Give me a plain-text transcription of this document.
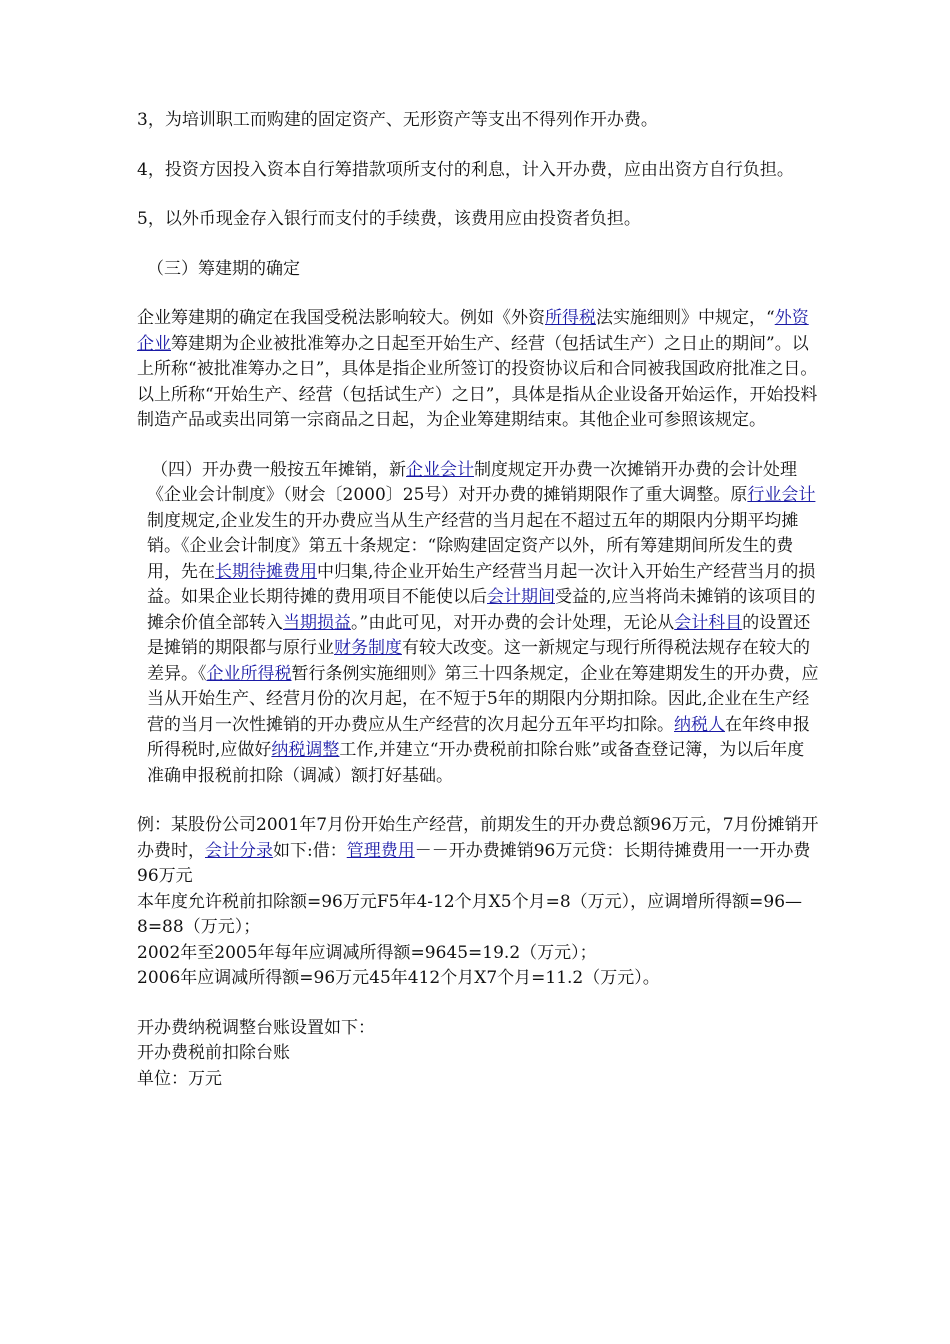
3，为培训职工而购建的固定资产、无形资产等支出不得列作开办费。

4，投资方因投入资本自行筹措款项所支付的利息，计入开办费，应由出资方自行负担。

5，以外币现金存入银行而支付的手续费，该费用应由投资者负担。

（三）筹建期的确定

企业筹建期的确定在我国受税法影响较大。例如《外资所得税法实施细则》中规定，“外资企业筹建期为企业被批准筹办之日起至开始生产、经营（包括试生产）之日止的期间”。以上所称“被批准筹办之日”，具体是指企业所签订的投资协议后和合同被我国政府批准之日。以上所称“开始生产、经营（包括试生产）之日”，具体是指从企业设备开始运作，开始投料制造产品或卖出同第一宗商品之日起，为企业筹建期结束。其他企业可参照该规定。

（四）开办费一般按五年摊销，新企业会计制度规定开办费一次摊销开办费的会计处理

《企业会计制度》（财会〔2000〕25号）对开办费的摊销期限作了重大调整。原行业会计制度规定,企业发生的开办费应当从生产经营的当月起在不超过五年的期限内分期平均摊销。《企业会计制度》第五十条规定：“除购建固定资产以外，所有筹建期间所发生的费用，先在长期待摊费用中归集,待企业开始生产经营当月起一次计入开始生产经营当月的损益。如果企业长期待摊的费用项目不能使以后会计期间受益的,应当将尚未摊销的该项目的摊余价值全部转入当期损益。”由此可见，对开办费的会计处理，无论从会计科目的设置还是摊销的期限都与原行业财务制度有较大改变。这一新规定与现行所得税法规存在较大的差异。《企业所得税暂行条例实施细则》第三十四条规定，企业在筹建期发生的开办费，应当从开始生产、经营月份的次月起，在不短于5年的期限内分期扣除。因此,企业在生产经营的当月一次性摊销的开办费应从生产经营的次月起分五年平均扣除。纳税人在年终申报所得税时,应做好纳税调整工作,并建立“开办费税前扣除台账”或备查登记簿，为以后年度准确申报税前扣除（调减）额打好基础。

例：某股份公司2001年7月份开始生产经营，前期发生的开办费总额96万元，7月份摊销开办费时，会计分录如下:借：管理费用－－开办费摊销96万元贷：长期待摊费用一一开办费96万元

本年度允许税前扣除额=96万元F5年4-12个月X5个月=8（万元），应调增所得额=96—8=88（万元）；

2002年至2005年每年应调减所得额=9645=19.2（万元）；

2006年应调减所得额=96万元45年412个月X7个月=11.2（万元）。

开办费纳税调整台账设置如下：

开办费税前扣除台账

单位：万元
